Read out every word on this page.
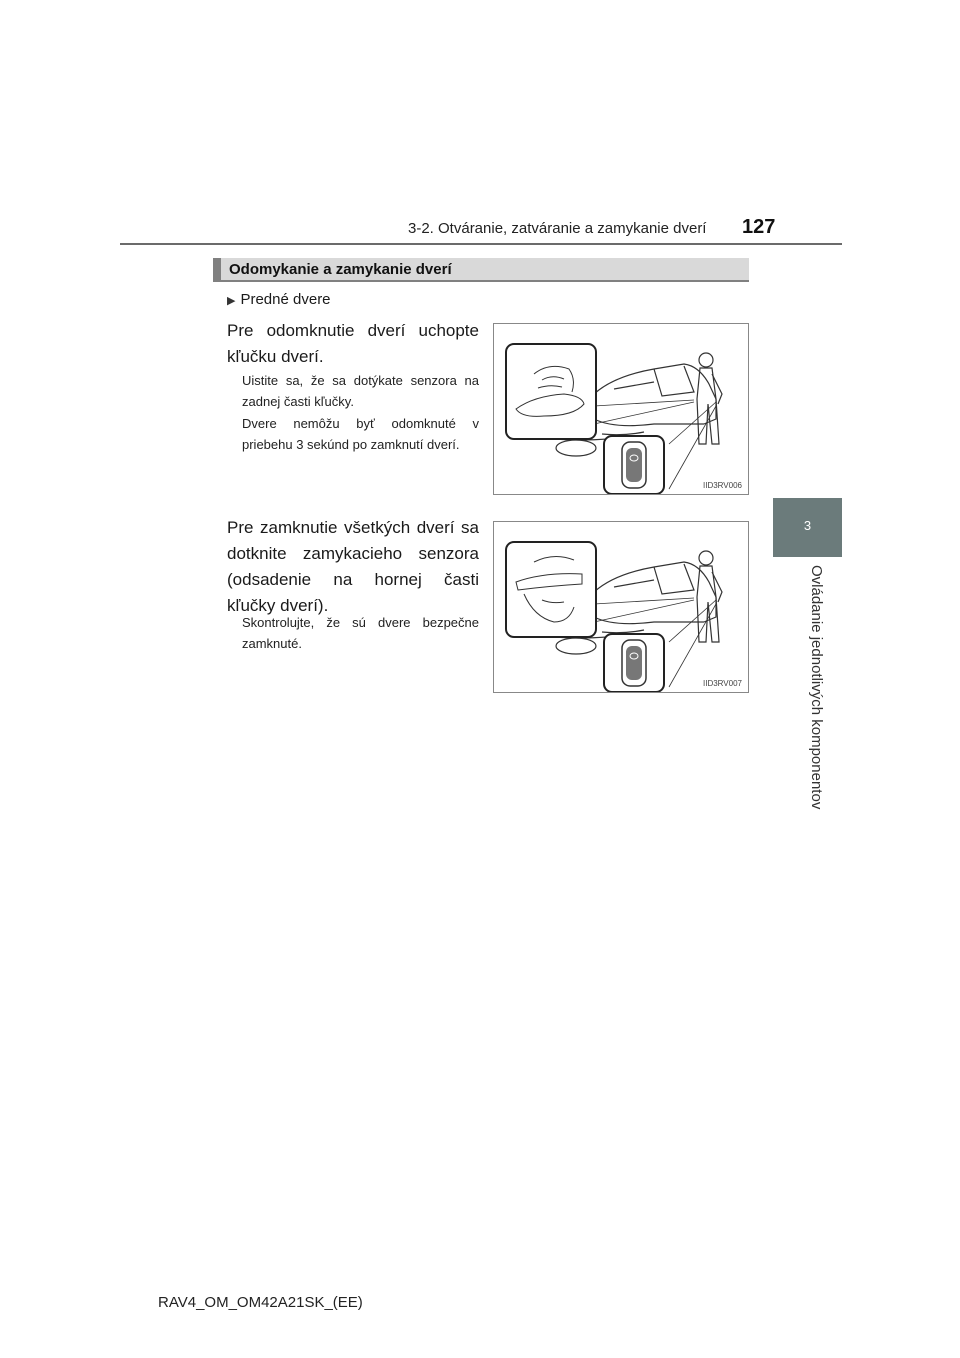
3-2. Otváranie, zatváranie a zamykanie dverí 127
3
Ovládanie jednotlivých komponentov
Odomykanie a zamykanie dverí
▶ Predné dvere
Pre odomknutie dverí uchopte kľučku dverí.
Uistite sa, že sa dotýkate senzora na zadnej časti kľučky.
Dvere nemôžu byť odomknuté v priebehu 3 sekúnd po zamknutí dverí.
IID3RV006
Pre zamknutie všetkých dverí sa dotknite zamykacieho senzora (odsadenie na hornej časti kľučky dverí).
Skontrolujte, že sú dvere bezpečne zamknuté.
IID3RV007
RAV4_OM_OM42A21SK_(EE)
